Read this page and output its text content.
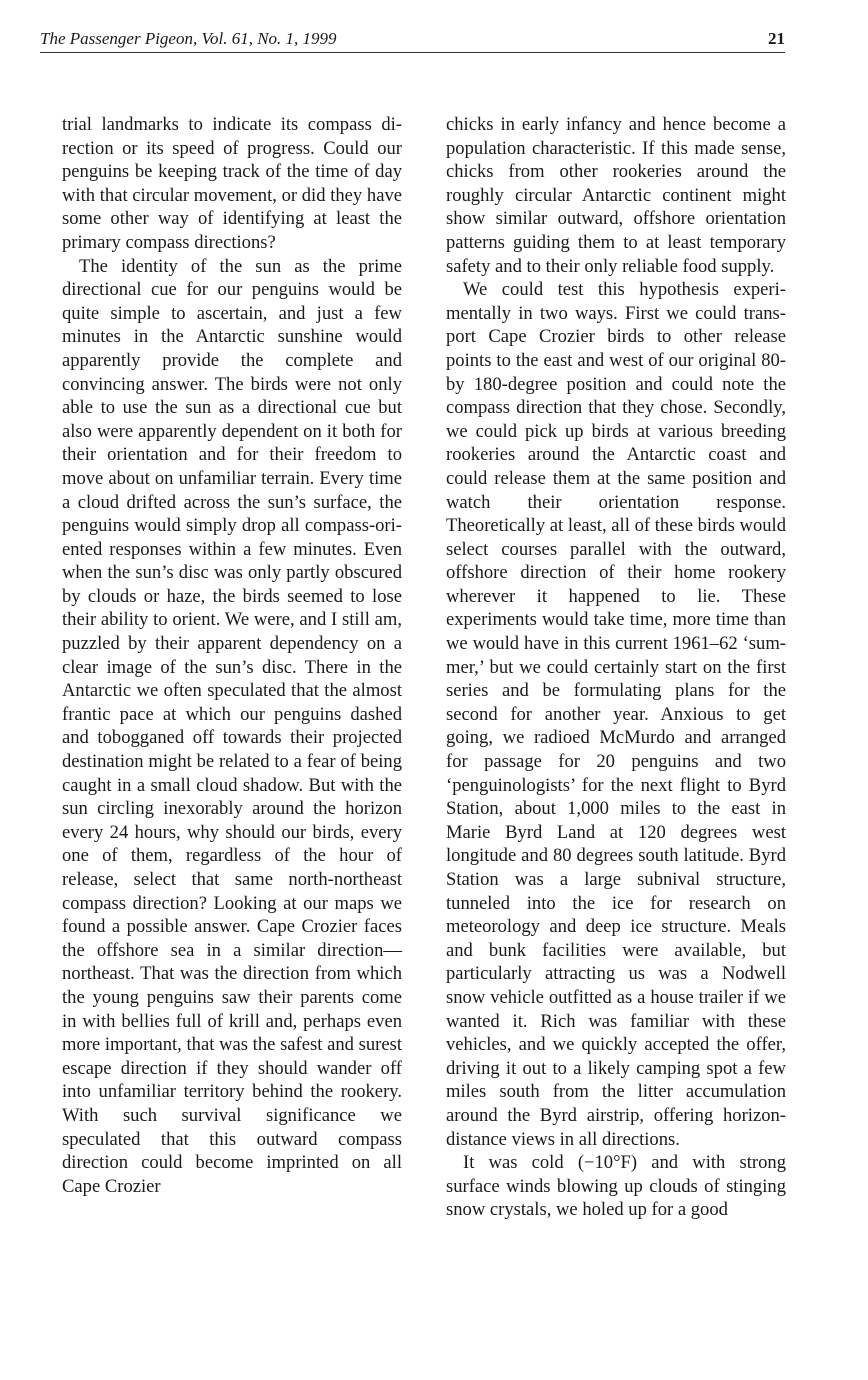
The Passenger Pigeon, Vol. 61, No. 1, 1999	21

trial landmarks to indicate its compass direction or its speed of progress. Could our penguins be keeping track of the time of day with that circular movement, or did they have some other way of identifying at least the primary compass directions?

The identity of the sun as the prime directional cue for our penguins would be quite simple to ascertain, and just a few minutes in the Antarctic sunshine would apparently provide the complete and convincing answer. The birds were not only able to use the sun as a directional cue but also were apparently dependent on it both for their orientation and for their freedom to move about on unfamiliar terrain. Every time a cloud drifted across the sun’s surface, the penguins would simply drop all compass-oriented responses within a few minutes. Even when the sun’s disc was only partly obscured by clouds or haze, the birds seemed to lose their ability to orient. We were, and I still am, puzzled by their apparent dependency on a clear image of the sun’s disc. There in the Antarctic we often speculated that the almost frantic pace at which our penguins dashed and tobogganed off towards their projected destination might be related to a fear of being caught in a small cloud shadow. But with the sun circling inexorably around the horizon every 24 hours, why should our birds, every one of them, regardless of the hour of release, select that same north-northeast compass direction? Looking at our maps we found a possible answer. Cape Crozier faces the offshore sea in a similar direction—northeast. That was the direction from which the young penguins saw their parents come in with bellies full of krill and, perhaps even more important, that was the safest and surest escape direction if they should wander off into unfamiliar territory behind the rookery. With such survival significance we speculated that this outward compass direction could become imprinted on all Cape Crozier

chicks in early infancy and hence become a population characteristic. If this made sense, chicks from other rookeries around the roughly circular Antarctic continent might show similar outward, offshore orientation patterns guiding them to at least temporary safety and to their only reliable food supply.

We could test this hypothesis experimentally in two ways. First we could transport Cape Crozier birds to other release points to the east and west of our original 80- by 180-degree position and could note the compass direction that they chose. Secondly, we could pick up birds at various breeding rookeries around the Antarctic coast and could release them at the same position and watch their orientation response. Theoretically at least, all of these birds would select courses parallel with the outward, offshore direction of their home rookery wherever it happened to lie. These experiments would take time, more time than we would have in this current 1961–62 ‘summer,’ but we could certainly start on the first series and be formulating plans for the second for another year. Anxious to get going, we radioed McMurdo and arranged for passage for 20 penguins and two ‘penguinologists’ for the next flight to Byrd Station, about 1,000 miles to the east in Marie Byrd Land at 120 degrees west longitude and 80 degrees south latitude. Byrd Station was a large subnival structure, tunneled into the ice for research on meteorology and deep ice structure. Meals and bunk facilities were available, but particularly attracting us was a Nodwell snow vehicle outfitted as a house trailer if we wanted it. Rich was familiar with these vehicles, and we quickly accepted the offer, driving it out to a likely camping spot a few miles south from the litter accumulation around the Byrd airstrip, offering horizon-distance views in all directions.

It was cold (−10°F) and with strong surface winds blowing up clouds of stinging snow crystals, we holed up for a good
